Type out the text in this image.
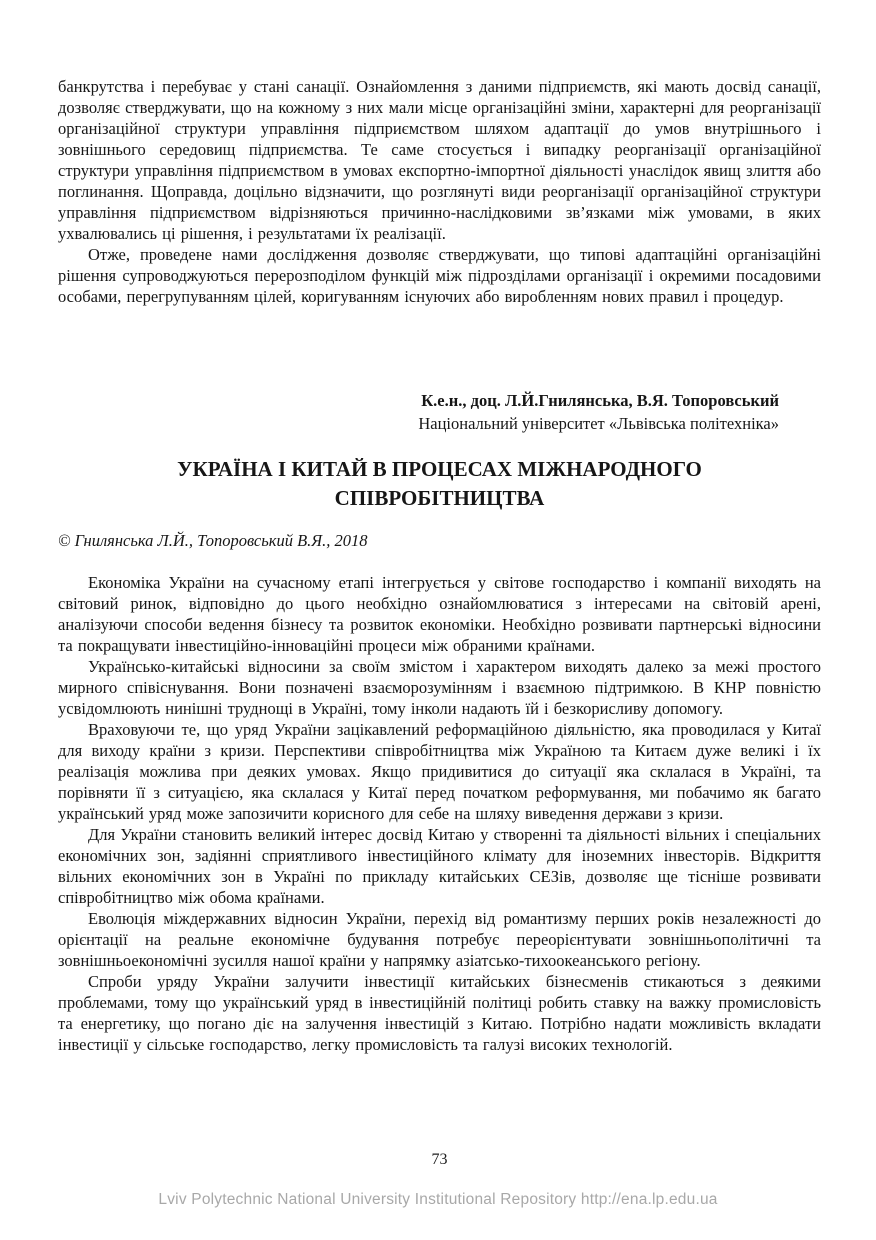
банкрутства і перебуває у стані санації. Ознайомлення з даними підприємств, які мають досвід санації, дозволяє стверджувати, що на кожному з них мали місце організаційні зміни, характерні для реорганізації організаційної структури управління підприємством шляхом адаптації до умов внутрішнього і зовнішнього середовищ підприємства. Те саме стосується і випадку реорганізації організаційної структури управління підприємством в умовах експортно-імпортної діяльності унаслідок явищ злиття або поглинання. Щоправда, доцільно відзначити, що розглянуті види реорганізації організаційної структури управління підприємством відрізняються причинно-наслідковими зв’язками між умовами, в яких ухвалювались ці рішення, і результатами їх реалізації.

Отже, проведене нами дослідження дозволяє стверджувати, що типові адаптаційні організаційні рішення супроводжуються перерозподілом функцій між підрозділами організації і окремими посадовими особами, перегрупуванням цілей, коригуванням існуючих або виробленням нових правил і процедур.

К.е.н., доц. Л.Й.Гнилянська, В.Я. Топоровський
Національний університет «Львівська політехніка»
УКРАЇНА І КИТАЙ В ПРОЦЕСАХ МІЖНАРОДНОГО
СПІВРОБІТНИЦТВА

© Гнилянська Л.Й., Топоровський В.Я., 2018

Економіка України на сучасному етапі інтегрується у світове господарство і компанії виходять на світовий ринок, відповідно до цього необхідно ознайомлюватися з інтересами на світовій арені, аналізуючи способи ведення бізнесу та розвиток економіки. Необхідно розвивати партнерські відносини та покращувати інвестиційно-інноваційні процеси між обраними країнами.

Українсько-китайські відносини за своїм змістом і характером виходять далеко за межі простого мирного співіснування. Вони позначені взаєморозумінням і взаємною підтримкою. В КНР повністю усвідомлюють нинішні труднощі в Україні, тому інколи надають їй і безкорисливу допомогу.

Враховуючи те, що уряд України зацікавлений реформаційною діяльністю, яка проводилася у Китаї для виходу країни з кризи. Перспективи співробітництва між Україною та Китаєм дуже великі і їх реалізація можлива при деяких умовах. Якщо придивитися до ситуації яка склалася в Україні, та порівняти її з ситуацією, яка склалася у Китаї перед початком реформування, ми побачимо як багато український уряд може запозичити корисного для себе на шляху виведення держави з кризи.

Для України становить великий інтерес досвід Китаю у створенні та діяльності вільних і спеціальних економічних зон, задіянні сприятливого інвестиційного клімату для іноземних інвесторів. Відкриття вільних економічних зон в Україні по прикладу китайських СЕЗів, дозволяє ще тісніше розвивати співробітництво між обома країнами.

Еволюція міждержавних відносин України, перехід від романтизму перших років незалежності до орієнтації на реальне економічне будування потребує переорієнтувати зовнішньополітичні та зовнішньоекономічні зусилля нашої країни у напрямку азіатсько-тихоокеанського регіону.

Спроби уряду України залучити інвестиції китайських бізнесменів стикаються з деякими проблемами, тому що український уряд в інвестиційній політиці робить ставку на важку промисловість та енергетику, що погано діє на залучення інвестицій з Китаю. Потрібно надати можливість вкладати інвестиції у сільське господарство, легку промисловість та галузі високих технологій.

73
Lviv Polytechnic National University Institutional Repository http://ena.lp.edu.ua
